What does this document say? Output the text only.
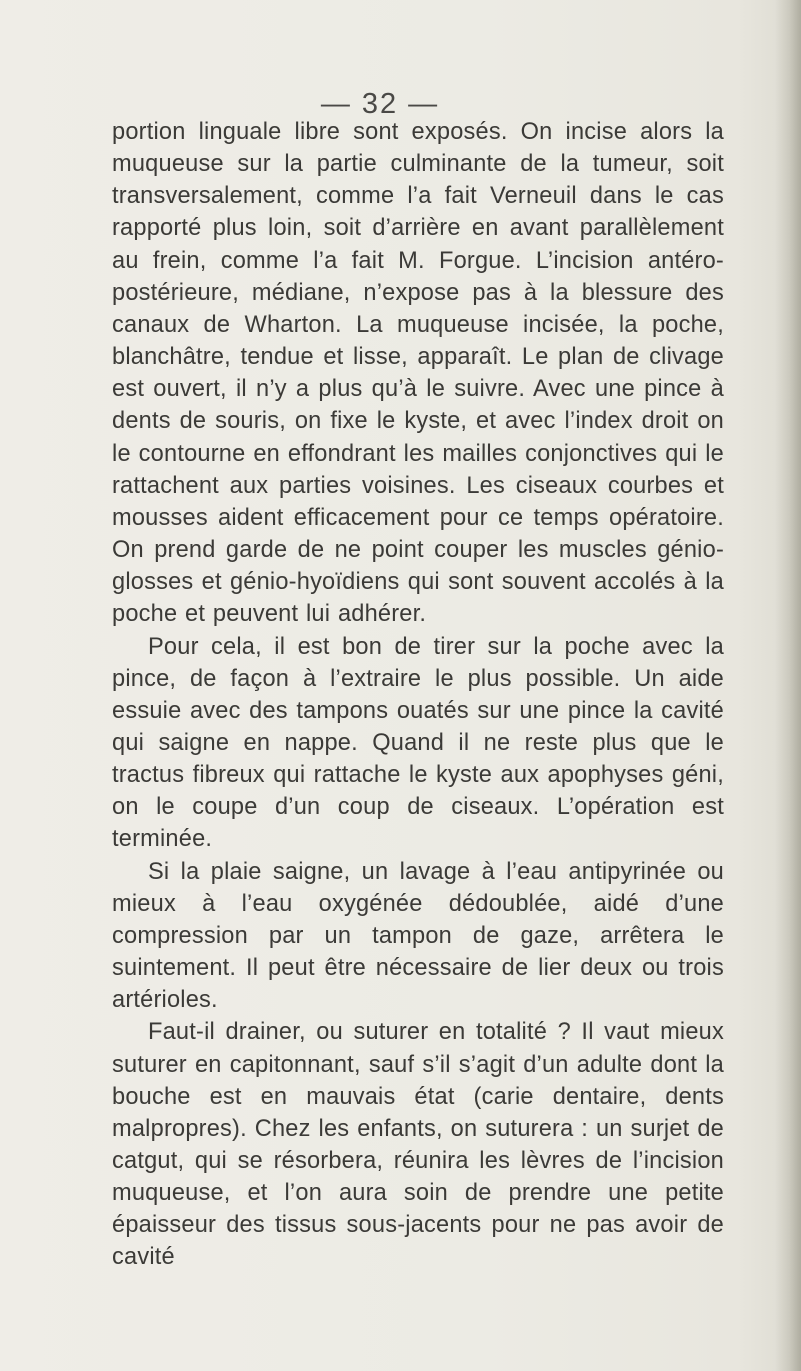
— 32 —

portion linguale libre sont exposés. On incise alors la muqueuse sur la partie culminante de la tumeur, soit transversalement, comme l’a fait Verneuil dans le cas rapporté plus loin, soit d’arrière en avant parallèlement au frein, comme l’a fait M. Forgue. L’incision antéro-postérieure, médiane, n’expose pas à la blessure des canaux de Wharton. La muqueuse incisée, la poche, blanchâtre, tendue et lisse, apparaît. Le plan de clivage est ouvert, il n’y a plus qu’à le suivre. Avec une pince à dents de souris, on fixe le kyste, et avec l’index droit on le contourne en effondrant les mailles conjonctives qui le rattachent aux parties voisines. Les ciseaux courbes et mousses aident efficacement pour ce temps opératoire. On prend garde de ne point couper les muscles génio-glosses et génio-hyoïdiens qui sont souvent accolés à la poche et peuvent lui adhérer.

Pour cela, il est bon de tirer sur la poche avec la pince, de façon à l’extraire le plus possible. Un aide essuie avec des tampons ouatés sur une pince la cavité qui saigne en nappe. Quand il ne reste plus que le tractus fibreux qui rattache le kyste aux apophyses géni, on le coupe d’un coup de ciseaux. L’opération est terminée.

Si la plaie saigne, un lavage à l’eau antipyrinée ou mieux à l’eau oxygénée dédoublée, aidé d’une compression par un tampon de gaze, arrêtera le suintement. Il peut être nécessaire de lier deux ou trois artérioles.

Faut-il drainer, ou suturer en totalité ? Il vaut mieux suturer en capitonnant, sauf s’il s’agit d’un adulte dont la bouche est en mauvais état (carie dentaire, dents malpropres). Chez les enfants, on suturera : un surjet de catgut, qui se résorbera, réunira les lèvres de l’incision muqueuse, et l’on aura soin de prendre une petite épaisseur des tissus sous-jacents pour ne pas avoir de cavité
